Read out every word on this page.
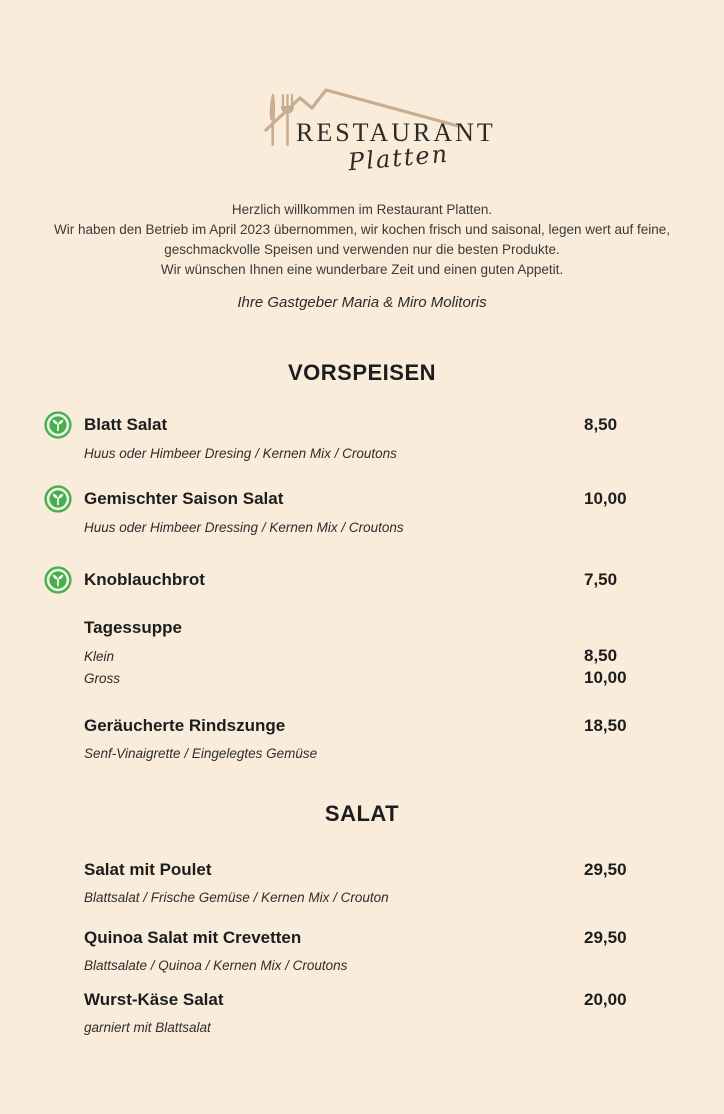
RESTAURANT
Platten
Herzlich willkommen im Restaurant Platten.
Wir haben den Betrieb im April 2023 übernommen, wir kochen frisch und saisonal, legen wert auf feine,
geschmackvolle Speisen und verwenden nur die besten Produkte.
Wir wünschen Ihnen eine wunderbare Zeit und einen guten Appetit.
Ihre Gastgeber Maria & Miro Molitoris
VORSPEISEN
Blatt Salat	8,50
Huus oder Himbeer Dresing / Kernen Mix / Croutons
Gemischter Saison Salat	10,00
Huus oder Himbeer Dressing / Kernen Mix / Croutons
Knoblauchbrot	7,50
Tagessuppe
Klein	8,50
Gross	10,00
Geräucherte Rindszunge	18,50
Senf-Vinaigrette / Eingelegtes Gemüse
SALAT
Salat mit Poulet	29,50
Blattsalat / Frische Gemüse / Kernen Mix / Crouton
Quinoa Salat mit Crevetten	29,50
Blattsalate / Quinoa / Kernen Mix / Croutons
Wurst-Käse Salat	20,00
garniert mit Blattsalat
